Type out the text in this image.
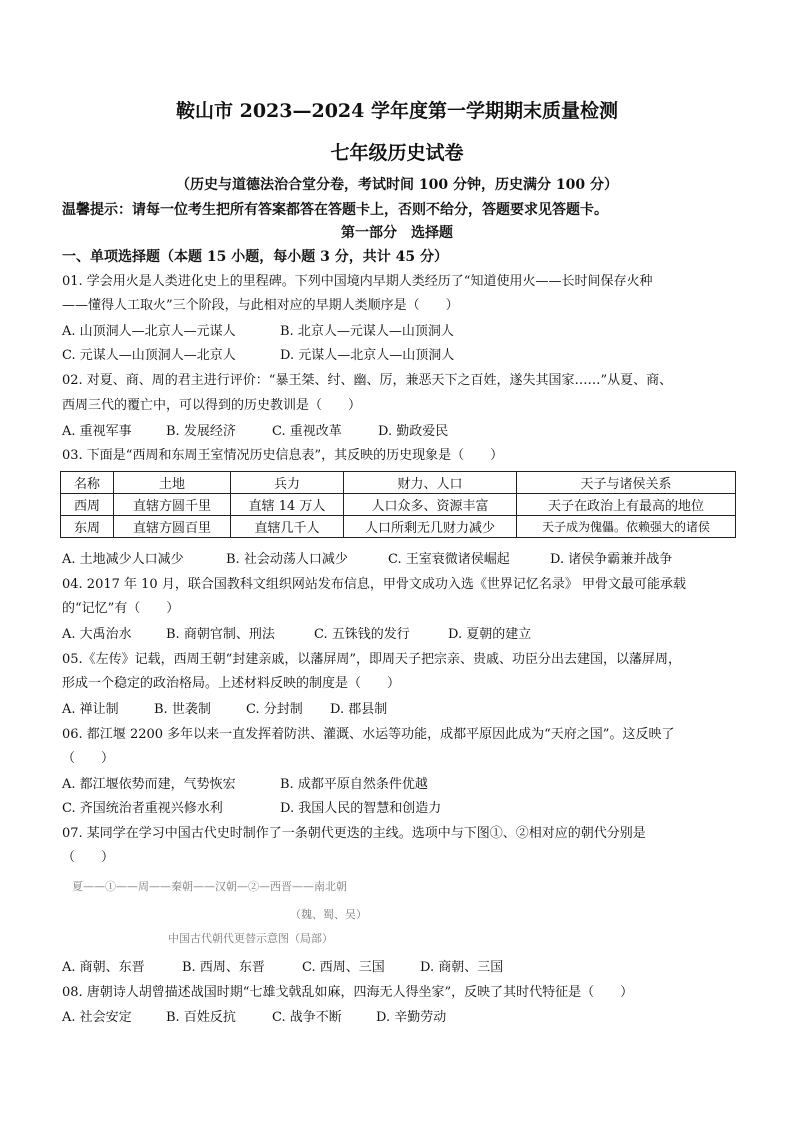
鞍山市 2023—2024 学年度第一学期期末质量检测
七年级历史试卷
（历史与道德法治合堂分卷，考试时间 100 分钟，历史满分 100 分）
温馨提示：请每一位考生把所有答案都答在答题卡上，否则不给分，答题要求见答题卡。
第一部分　选择题
一、单项选择题（本题 15 小题，每小题 3 分，共计 45 分）
01. 学会用火是人类进化史上的里程碑。下列中国境内早期人类经历了“知道使用火——长时间保存火种
——懂得人工取火”三个阶段，与此相对应的早期人类顺序是（　　）
A. 山顶洞人—北京人—元谋人	B. 北京人—元谋人—山顶洞人
C. 元谋人—山顶洞人—北京人	D. 元谋人—北京人—山顶洞人
02. 对夏、商、周的君主进行评价：“暴王桀、纣、幽、厉，兼恶天下之百姓，遂失其国家……”从夏、商、
西周三代的覆亡中，可以得到的历史教训是（　　）
A. 重视军事	B. 发展经济	C. 重视改革	D. 勤政爱民
03. 下面是“西周和东周王室情况历史信息表”，其反映的历史现象是（　　）
名称	土地	兵力	财力、人口	天子与诸侯关系
西周	直辖方圆千里	直辖 14 万人	人口众多、资源丰富	天子在政治上有最高的地位
东周	直辖方圆百里	直辖几千人	人口所剩无几财力减少	天子成为傀儡。依赖强大的诸侯
A. 土地减少人口减少	B. 社会动荡人口减少	C. 王室衰微诸侯崛起	D. 诸侯争霸兼并战争
04. 2017 年 10 月，联合国教科文组织网站发布信息，甲骨文成功入选《世界记忆名录》 甲骨文最可能承载
的“记忆”有（　　）
A. 大禹治水	B. 商朝官制、刑法	C. 五铢钱的发行	D. 夏朝的建立
05.《左传》记载，西周王朝“封建亲戚，以藩屏周”，即周天子把宗亲、贵戚、功臣分出去建国，以藩屏周，
形成一个稳定的政治格局。上述材料反映的制度是（　　）
A. 禅让制	B. 世袭制	C. 分封制 D. 郡县制
06. 都江堰 2200 多年以来一直发挥着防洪、灌溉、水运等功能，成都平原因此成为“天府之国”。这反映了
（　　）
A. 都江堰依势而建，气势恢宏	B. 成都平原自然条件优越
C. 齐国统治者重视兴修水利	D. 我国人民的智慧和创造力
07. 某同学在学习中国古代史时制作了一条朝代更迭的主线。选项中与下图①、②相对应的朝代分别是
（　　）
夏——①——周——秦朝——汉朝—②—西晋——南北朝
（魏、蜀、吴）
中国古代朝代更替示意图（局部）
A. 商朝、东晋	B. 西周、东晋	C. 西周、三国	D. 商朝、三国
08. 唐朝诗人胡曾描述战国时期“七雄戈戟乱如麻，四海无人得坐家”，反映了其时代特征是（　　）
A. 社会安定	B. 百姓反抗	C. 战争不断	D. 辛勤劳动
